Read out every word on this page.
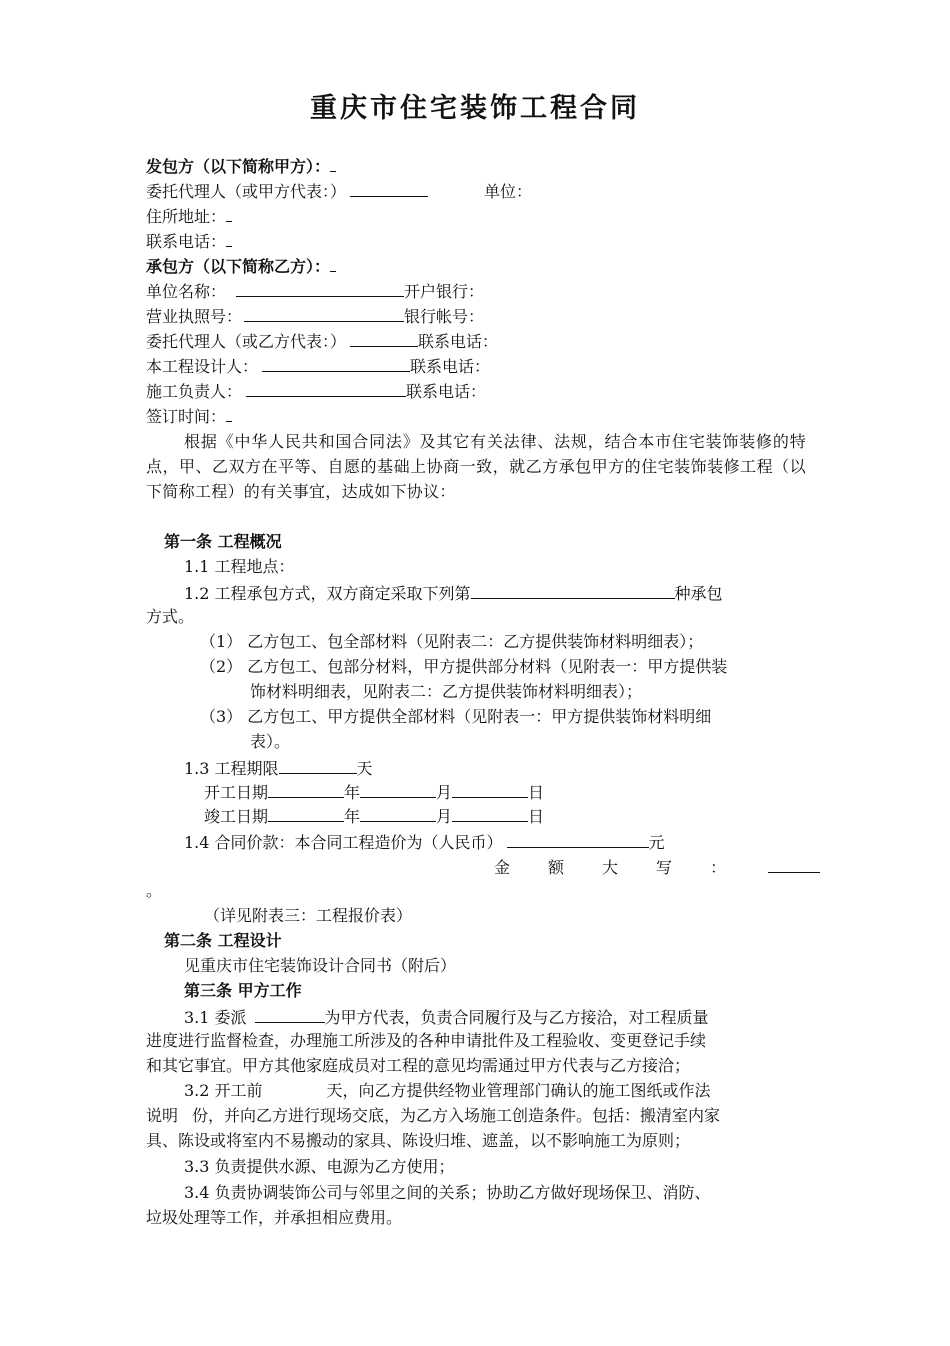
重庆市住宅装饰工程合同
发包方（以下简称甲方）：
委托代理人（或甲方代表：）	单位：
住所地址：
联系电话：
承包方（以下简称乙方）：
单位名称：	开户银行：
营业执照号：	银行帐号：
委托代理人（或乙方代表：）	联系电话：
本工程设计人：	联系电话：
施工负责人：	联系电话：
签订时间：
根据《中华人民共和国合同法》及其它有关法律、法规，结合本市住宅装饰装修的特点，甲、乙双方在平等、自愿的基础上协商一致，就乙方承包甲方的住宅装饰装修工程（以下简称工程）的有关事宜，达成如下协议：
第一条 工程概况
1.1 工程地点：
1.2 工程承包方式，双方商定采取下列第	种承包
方式。
（1） 乙方包工、包全部材料（见附表二：乙方提供装饰材料明细表）；
（2） 乙方包工、包部分材料，甲方提供部分材料（见附表一：甲方提供装
饰材料明细表，见附表二：乙方提供装饰材料明细表）；
（3） 乙方包工、甲方提供全部材料（见附表一：甲方提供装饰材料明细
表）。
1.3 工程期限	天
开工日期	年	月	日
竣工日期	年	月	日
1.4 合同价款：本合同工程造价为（人民币）	元
金 额 大 写 ：
。
（详见附表三：工程报价表）
第二条 工程设计
见重庆市住宅装饰设计合同书（附后）
第三条 甲方工作
3.1 委派	为甲方代表，负责合同履行及与乙方接洽，对工程质量
进度进行监督检查，办理施工所涉及的各种申请批件及工程验收、变更登记手续
和其它事宜。甲方其他家庭成员对工程的意见均需通过甲方代表与乙方接洽；
3.2 开工前	天，向乙方提供经物业管理部门确认的施工图纸或作法
说明 份，并向乙方进行现场交底，为乙方入场施工创造条件。包括：搬清室内家
具、陈设或将室内不易搬动的家具、陈设归堆、遮盖，以不影响施工为原则；
3.3 负责提供水源、电源为乙方使用；
3.4 负责协调装饰公司与邻里之间的关系；协助乙方做好现场保卫、消防、
垃圾处理等工作，并承担相应费用。
